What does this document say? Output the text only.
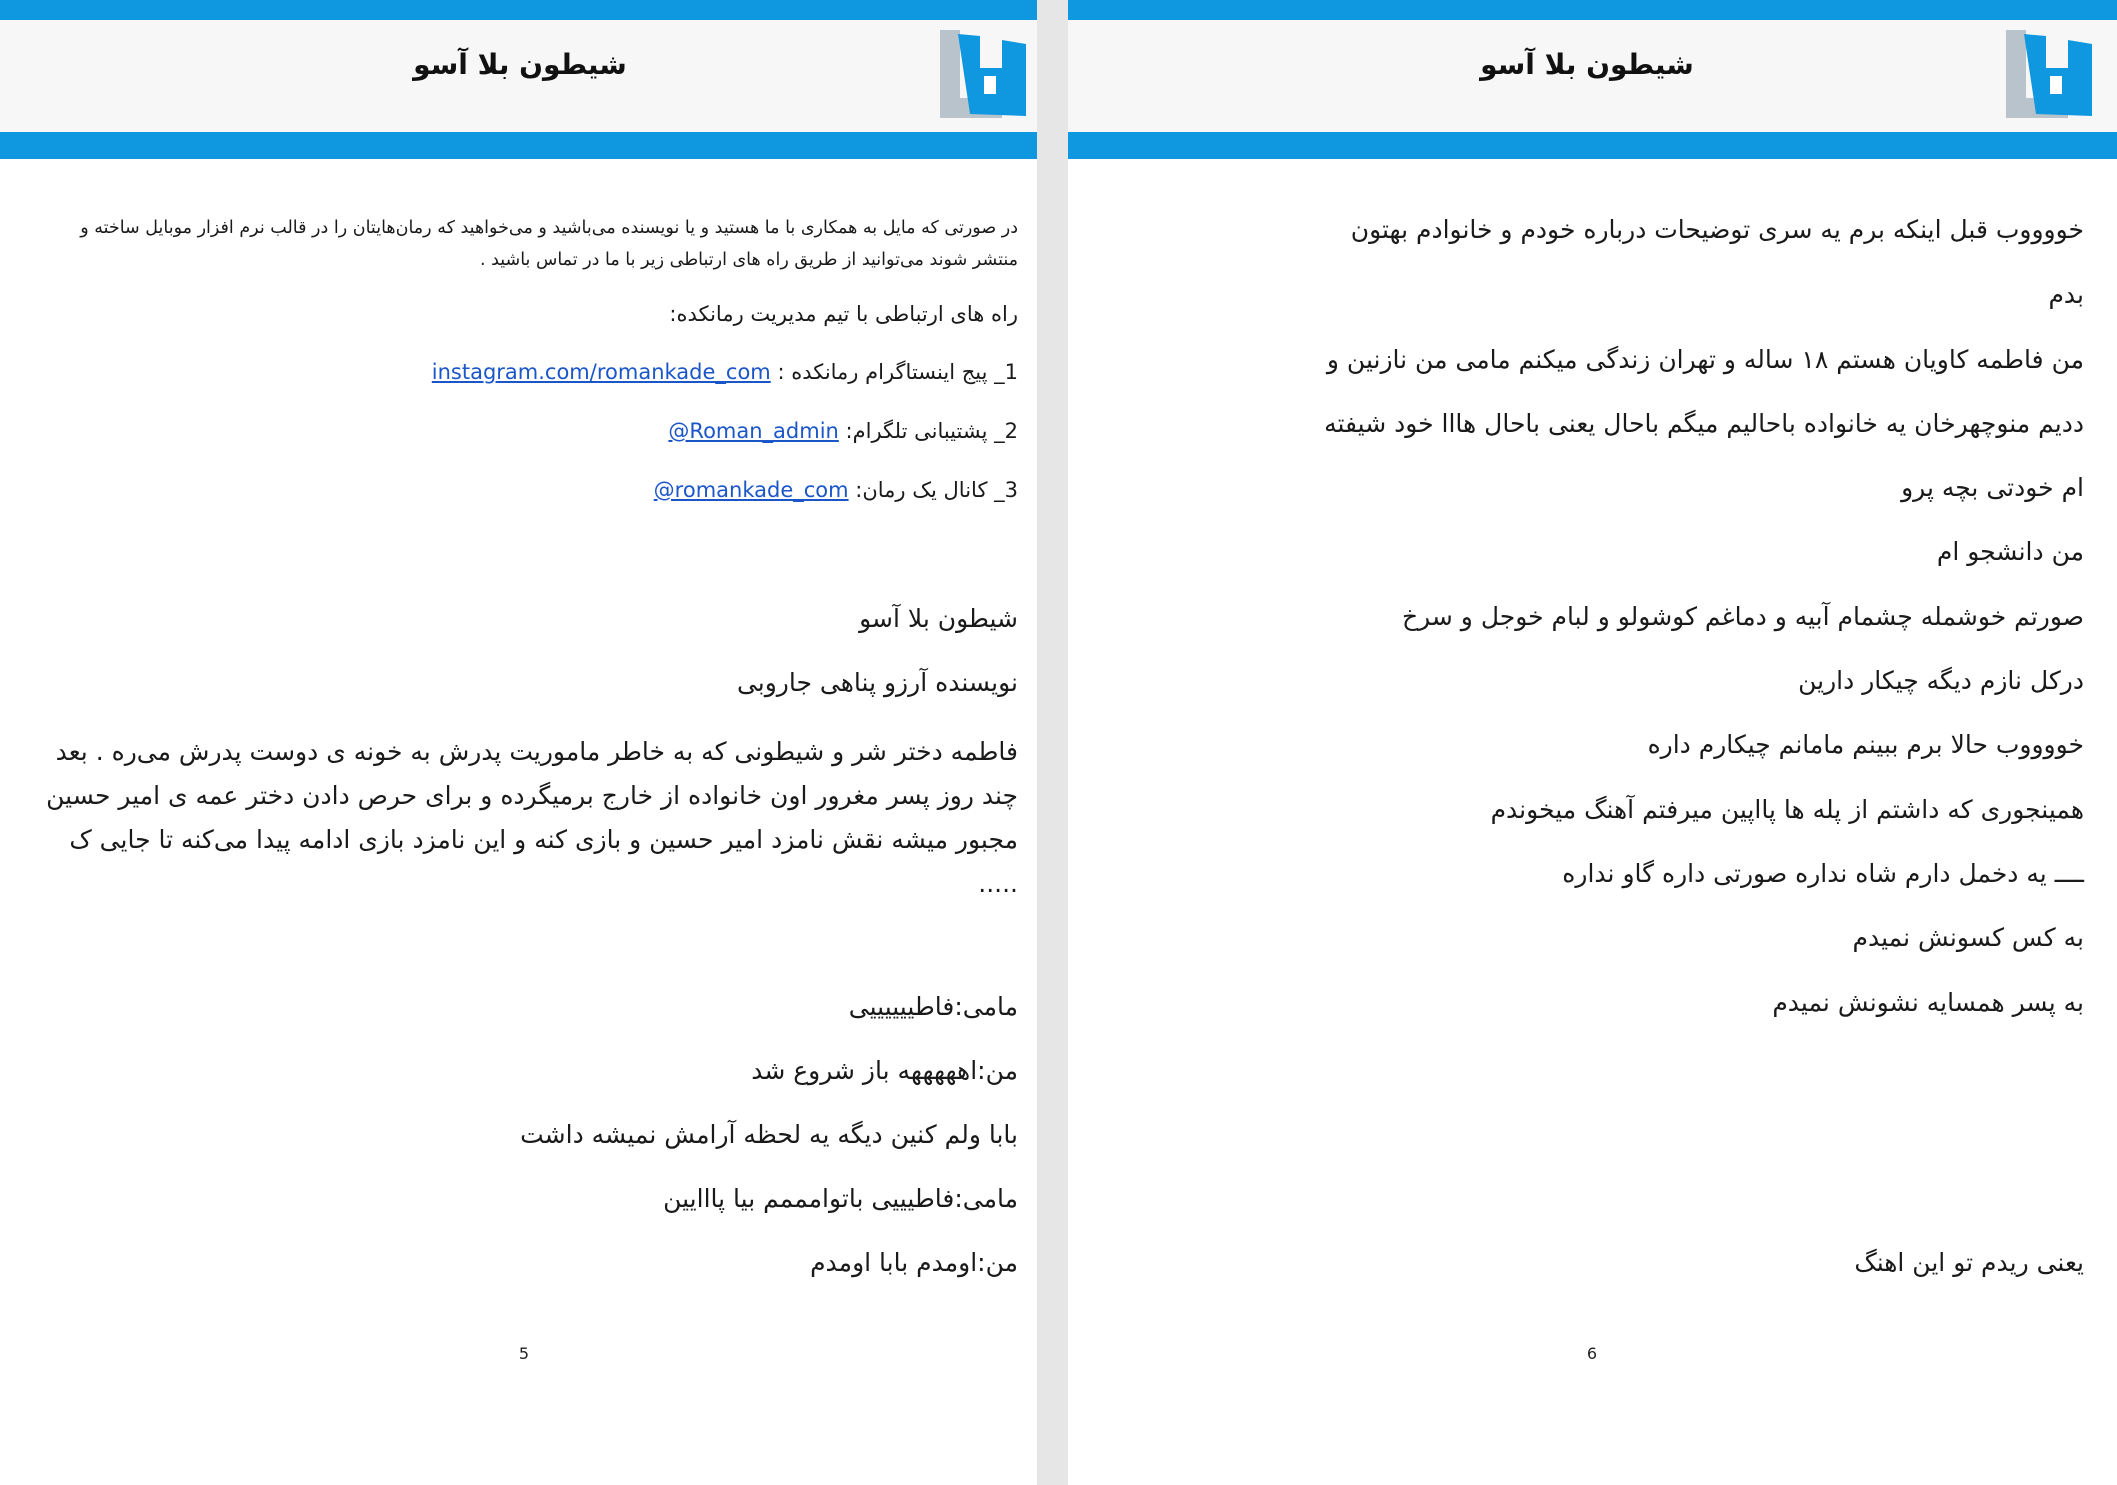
شیطون بلا آسو
در صورتی که مایل به همکاری با ما هستید و یا نویسنده می‌باشید و می‌خواهید که رمان‌هایتان را در قالب نرم افزار موبایل ساخته و منتشر شوند می‌توانید از طریق راه های ارتباطی زیر با ما در تماس باشید .
راه های ارتباطی با تیم مدیریت رمانکده:
1_ پیج اینستاگرام رمانکده : instagram.com/romankade_com
2_ پشتیبانی تلگرام: @Roman_admin
3_ کانال یک رمان: @romankade_com
شیطون بلا آسو
نویسنده آرزو پناهی جاروبی
فاطمه دختر شر و شیطونی که به خاطر ماموریت پدرش به خونه ی دوست پدرش می‌ره . بعد چند روز پسر مغرور اون خانواده از خارج برمیگرده و برای حرص دادن دختر عمه ی امیر حسین مجبور میشه نقش نامزد امیر حسین و بازی کنه و این نامزد بازی ادامه پیدا می‌کنه تا جایی ک .....
مامی:فاطییییییی
من:اهههههه باز شروع شد
بابا ولم کنین دیگه یه لحظه آرامش نمیشه داشت
مامی:فاطیییی باتوامممم بیا پااایین
من:اومدم بابا اومدم
5
شیطون بلا آسو
خووووب قبل اینکه برم یه سری توضیحات درباره خودم و خانوادم بهتون
بدم
من فاطمه کاویان هستم ۱۸ ساله و تهران زندگی میکنم مامی من نازنین و
ددیم منوچهرخان یه خانواده باحالیم میگم باحال یعنی باحال هااا خود شیفته
ام خودتی بچه پرو
من دانشجو ام
صورتم خوشمله چشمام آبیه و دماغم کوشولو و لبام خوجل و سرخ
درکل نازم دیگه چیکار دارین
خووووب حالا برم ببینم مامانم چیکارم داره
همینجوری که داشتم از پله ها پااپین میرفتم آهنگ میخوندم
ــــ یه دخمل دارم شاه نداره صورتی داره گاو نداره
به کس کسونش نمیدم
به پسر همسایه نشونش نمیدم
یعنی ریدم تو این اهنگ
6
